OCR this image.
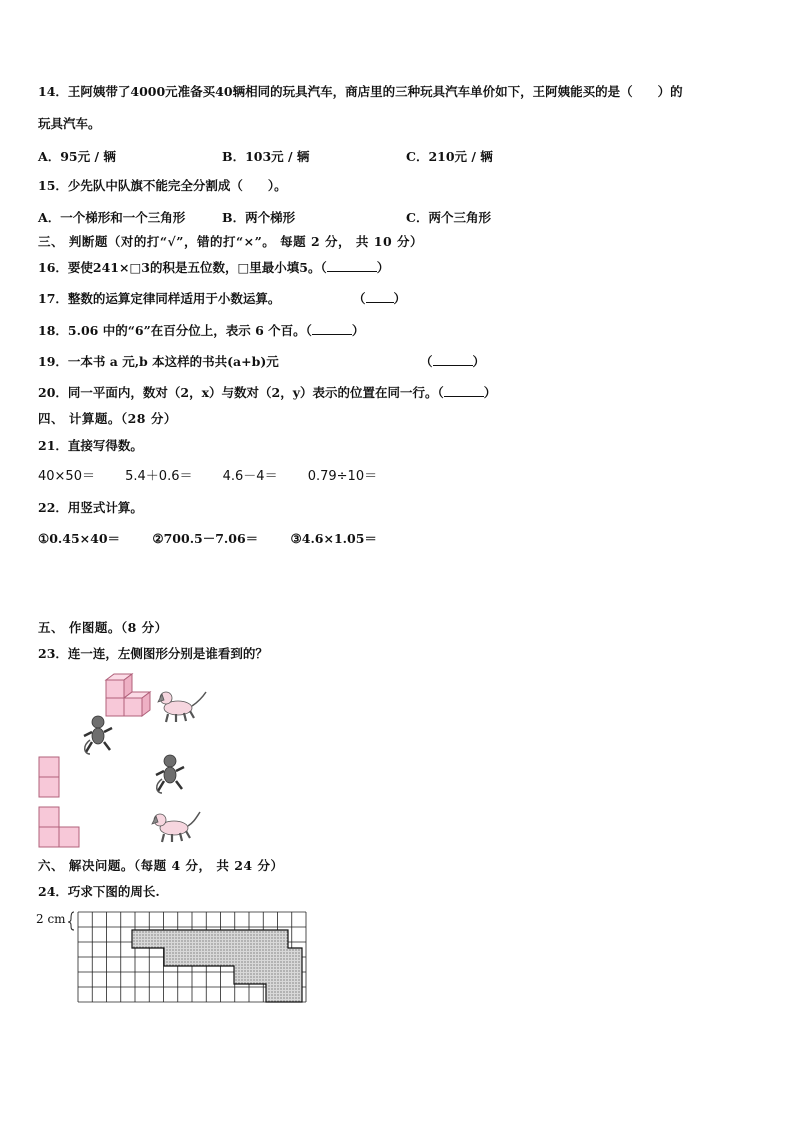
14．王阿姨带了4000元准备买40辆相同的玩具汽车，商店里的三种玩具汽车单价如下，王阿姨能买的是（　　）的
玩具汽车。
A．95元 / 辆	B．103元 / 辆	C．210元 / 辆
15．少先队中队旗不能完全分割成（　　）。
A．一个梯形和一个三角形	B．两个梯形	C．两个三角形
三、 判断题（对的打“√”，错的打“×”。 每题 2 分， 共 10 分）
16．要使241×□3的积是五位数，□里最小填5。（	）
17．整数的运算定律同样适用于小数运算。	（ ）
18．5.06 中的“6”在百分位上，表示 6 个百。（	）
19．一本书 a 元,b 本这样的书共(a+b)元	（	）
20．同一平面内，数对（2，x）与数对（2，y）表示的位置在同一行。（	）
四、 计算题。（28 分）
21．直接写得数。
40×50＝ 5.4＋0.6＝ 4.6－4＝ 0.79÷10＝
22．用竖式计算。
①0.45×40＝	②700.5－7.06＝	③4.6×1.05＝
五、 作图题。（8 分）
23．连一连，左侧图形分别是谁看到的？
六、 解决问题。（每题 4 分， 共 24 分）
24．巧求下图的周长.
2 cm
